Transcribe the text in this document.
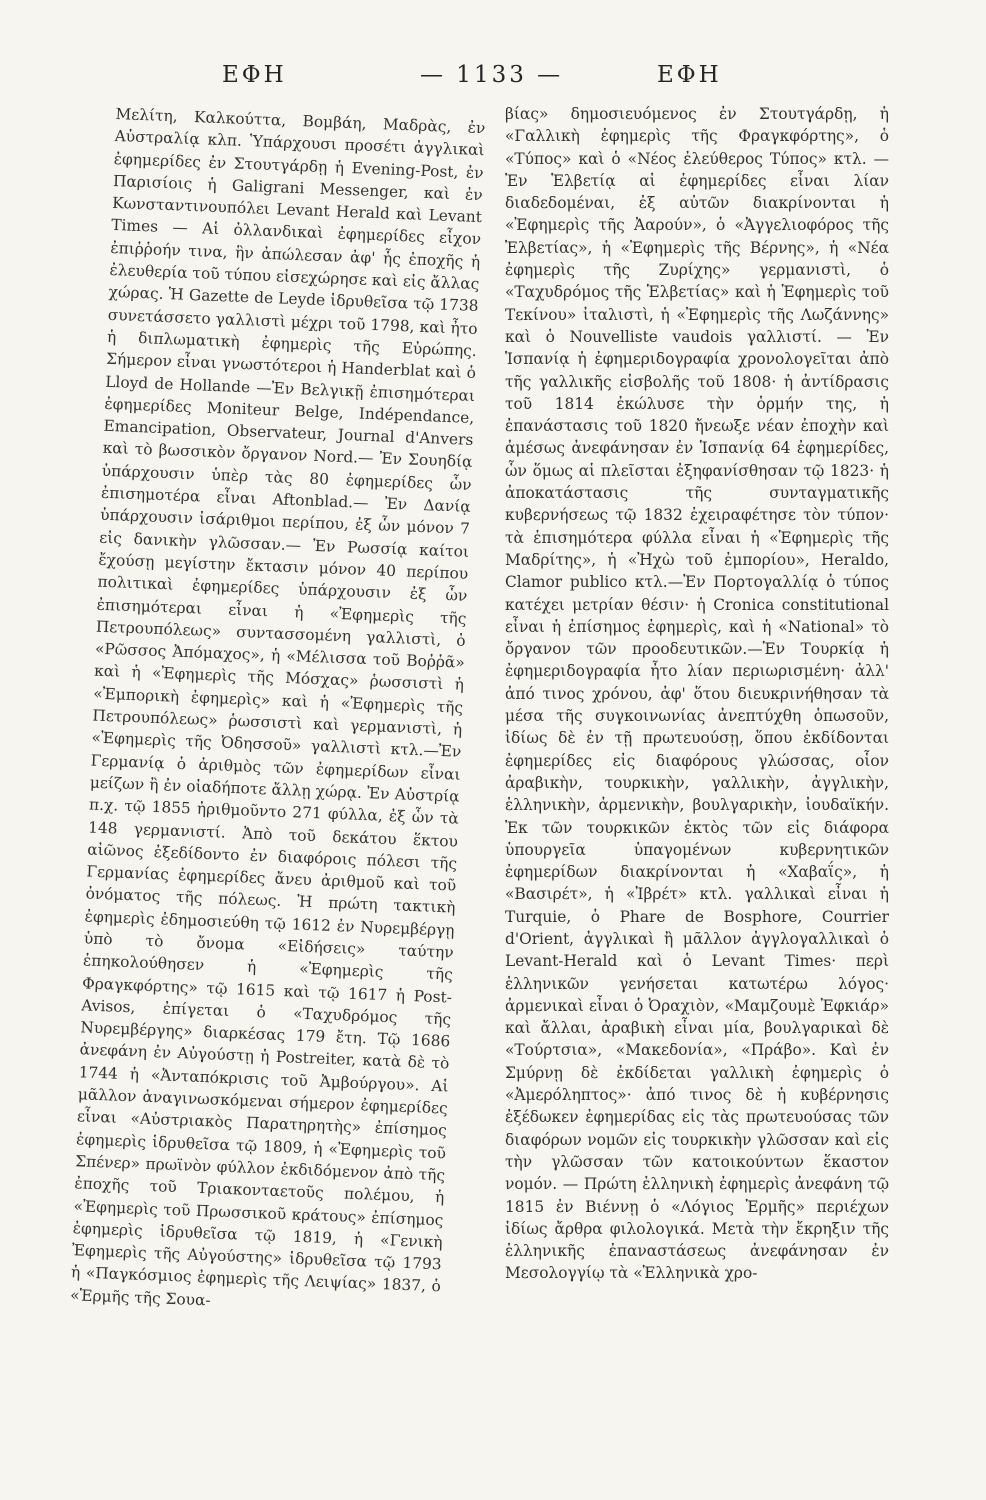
ΕΦΗ	— 1133 —	ΕΦΗ

Μελίτη, Καλκούττα, Βομβάη, Μαδρὰς, ἐν Αὐστραλίᾳ κλπ. Ὑπάρχουσι προσέτι ἀγγλικαὶ ἐφημερίδες ἐν Στουτγάρδῃ ἡ Evening-Post, ἐν Παρισίοις ἡ Galigrani Messenger, καὶ ἐν Κωνσταντινουπόλει Levant Herald καὶ Levant Times — Αἱ ὀλλανδικαὶ ἐφημερίδες εἶχον ἐπιῤῥοήν τινα, ἣν ἀπώλεσαν ἀφ' ἧς ἐποχῆς ἡ ἐλευθερία τοῦ τύπου εἰσεχώρησε καὶ εἰς ἄλλας χώρας. Ἡ Gazette de Leyde ἱδρυθεῖσα τῷ 1738 συνετάσσετο γαλλιστὶ μέχρι τοῦ 1798, καὶ ἦτο ἡ διπλωματικὴ ἐφημερὶς τῆς Εὐρώπης. Σήμερον εἶναι γνωστότεροι ἡ Handerblat καὶ ὁ Lloyd de Hollande —Ἐν Βελγικῇ ἐπισημότεραι ἐφημερίδες Moniteur Belge, Indépendance, Emancipation, Observateur, Journal d'Anvers καὶ τὸ βωσσικὸν ὄργανον Nord.— Ἐν Σουηδίᾳ ὑπάρχουσιν ὑπὲρ τὰς 80 ἐφημερίδες ὧν ἐπισημοτέρα εἶναι Aftonblad.— Ἐν Δανίᾳ ὑπάρχουσιν ἰσάριθμοι περίπου, ἐξ ὧν μόνον 7 εἰς δανικὴν γλῶσσαν.— Ἐν Ρωσσίᾳ καίτοι ἔχούσῃ μεγίστην ἔκτασιν μόνον 40 περίπου πολιτικαὶ ἐφημερίδες ὑπάρχουσιν ἐξ ὧν ἐπισημότεραι εἶναι ἡ «Ἐφημερὶς τῆς Πετρουπόλεως» συντασσομένη γαλλιστὶ, ὁ «Ρῶσσος Ἀπόμαχος», ἡ «Μέλισσα τοῦ Βοῤῥᾶ» καὶ ἡ «Ἐφημερὶς τῆς Μόσχας» ῥωσσιστὶ ἡ «Ἐμπορικὴ ἐφημερὶς» καὶ ἡ «Ἐφημερὶς τῆς Πετρουπόλεως» ῥωσσιστὶ καὶ γερμανιστὶ, ἡ «Ἐφημερὶς τῆς Ὀδησσοῦ» γαλλιστὶ κτλ.—Ἐν Γερμανίᾳ ὁ ἀριθμὸς τῶν ἐφημερίδων εἶναι μείζων ἢ ἐν οἱαδήποτε ἄλλῃ χώρᾳ. Ἐν Αὐστρίᾳ π.χ. τῷ 1855 ἠριθμοῦντο 271 φύλλα, ἐξ ὧν τὰ 148 γερμανιστί. Ἀπὸ τοῦ δεκάτου ἕκτου αἰῶνος ἐξεδίδοντο ἐν διαφόροις πόλεσι τῆς Γερμανίας ἐφημερίδες ἄνευ ἀριθμοῦ καὶ τοῦ ὀνόματος τῆς πόλεως. Ἡ πρώτη τακτικὴ ἐφημερὶς ἐδημοσιεύθη τῷ 1612 ἐν Νυρεμβέργῃ ὑπὸ τὸ ὄνομα «Εἰδήσεις» ταύτην ἐπηκολούθησεν ἡ «Ἐφημερὶς τῆς Φραγκφόρτης» τῷ 1615 καὶ τῷ 1617 ἡ Post-Avisos, ἐπίγεται ὁ «Ταχυδρόμος τῆς Νυρεμβέργης» διαρκέσας 179 ἔτη. Τῷ 1686 ἀνεφάνη ἐν Αὐγούστῃ ἡ Postreiter, κατὰ δὲ τὸ 1744 ἡ «Ἀνταπόκρισις τοῦ Ἀμβούργου». Αἱ μᾶλλον ἀναγινωσκόμεναι σήμερον ἐφημερίδες εἶναι «Αὐστριακὸς Παρατηρητὴς» ἐπίσημος ἐφημερὶς ἱδρυθεῖσα τῷ 1809, ἡ «Ἐφημερὶς τοῦ Σπένερ» πρωϊνὸν φύλλον ἐκδιδόμενον ἀπὸ τῆς ἐποχῆς τοῦ Τριακονταετοῦς πολέμου, ἡ «Ἐφημερὶς τοῦ Πρωσσικοῦ κράτους» ἐπίσημος ἐφημερὶς ἱδρυθεῖσα τῷ 1819, ἡ «Γενικὴ Ἐφημερὶς τῆς Αὐγούστης» ἱδρυθεῖσα τῷ 1793 ἡ «Παγκόσμιος ἐφημερὶς τῆς Λειψίας» 1837, ὁ «Ἑρμῆς τῆς Σουα-

βίας» δημοσιευόμενος ἐν Στουτγάρδῃ, ἡ «Γαλλικὴ ἐφημερὶς τῆς Φραγκφόρτης», ὁ «Τύπος» καὶ ὁ «Νέος ἐλεύθερος Τύπος» κτλ. — Ἐν Ἑλβετίᾳ αἱ ἐφημερίδες εἶναι λίαν διαδεδομέναι, ἐξ αὐτῶν διακρίνονται ἡ «Ἐφημερὶς τῆς Ἀαρούν», ὁ «Ἀγγελιοφόρος τῆς Ἑλβετίας», ἡ «Ἐφημερὶς τῆς Βέρνης», ἡ «Νέα ἐφημερὶς τῆς Ζυρίχης» γερμανιστὶ, ὁ «Ταχυδρόμος τῆς Ἑλβετίας» καὶ ἡ Ἐφημερὶς τοῦ Τεκίνου» ἰταλιστὶ, ἡ «Ἐφημερὶς τῆς Λωζάννης» καὶ ὁ Nouvelliste vaudois γαλλιστί. — Ἐν Ἱσπανίᾳ ἡ ἐφημεριδογραφία χρονολογεῖται ἀπὸ τῆς γαλλικῆς εἰσβολῆς τοῦ 1808· ἡ ἀντίδρασις τοῦ 1814 ἐκώλυσε τὴν ὁρμήν της, ἡ ἐπανάστασις τοῦ 1820 ἤνεωξε νέαν ἐποχὴν καὶ ἀμέσως ἀνεφάνησαν ἐν Ἱσπανίᾳ 64 ἐφημερίδες, ὧν ὅμως αἱ πλεῖσται ἐξηφανίσθησαν τῷ 1823· ἡ ἀποκατάστασις τῆς συνταγματικῆς κυβερνήσεως τῷ 1832 ἐχειραφέτησε τὸν τύπον· τὰ ἐπισημότερα φύλλα εἶναι ἡ «Ἐφημερὶς τῆς Μαδρίτης», ἡ «Ἠχὼ τοῦ ἐμπορίου», Heraldo, Clamor publico κτλ.—Ἐν Πορτογαλλίᾳ ὁ τύπος κατέχει μετρίαν θέσιν· ἡ Cronica constitutional εἶναι ἡ ἐπίσημος ἐφημερὶς, καὶ ἡ «National» τὸ ὄργανον τῶν προοδευτικῶν.—Ἐν Τουρκίᾳ ἡ ἐφημεριδογραφία ἦτο λίαν περιωρισμένη· ἀλλ' ἀπό τινος χρόνου, ἀφ' ὅτου διευκρινήθησαν τὰ μέσα τῆς συγκοινωνίας ἀνεπτύχθη ὁπωσοῦν, ἰδίως δὲ ἐν τῇ πρωτευούσῃ, ὅπου ἐκδίδονται ἐφημερίδες εἰς διαφόρους γλώσσας, οἷον ἀραβικὴν, τουρκικὴν, γαλλικὴν, ἀγγλικὴν, ἑλληνικὴν, ἀρμενικὴν, βουλγαρικὴν, ἰουδαϊκήν. Ἐκ τῶν τουρκικῶν ἐκτὸς τῶν εἰς διάφορα ὑπουργεῖα ὑπαγομένων κυβερνητικῶν ἐφημερίδων διακρίνονται ἡ «Χαβαΐς», ἡ «Βασιρέτ», ἡ «Ἰβρέτ» κτλ. γαλλικαὶ εἶναι ἡ Turquie, ὁ Phare de Bosphore, Courrier d'Orient, ἀγγλικαὶ ἢ μᾶλλον ἀγγλογαλλικαὶ ὁ Levant-Herald καὶ ὁ Levant Times· περὶ ἑλληνικῶν γενήσεται κατωτέρω λόγος· ἀρμενικαὶ εἶναι ὁ Ὀραχιὸν, «Μαμζουμὲ Ἐφκιάρ» καὶ ἄλλαι, ἀραβικὴ εἶναι μία, βουλγαρικαὶ δὲ «Τούρτσια», «Μακεδονία», «Πράβο». Καὶ ἐν Σμύρνῃ δὲ ἐκδίδεται γαλλικὴ ἐφημερὶς ὁ «Ἀμερόληπτος»· ἀπό τινος δὲ ἡ κυβέρνησις ἐξέδωκεν ἐφημερίδας εἰς τὰς πρωτευούσας τῶν διαφόρων νομῶν εἰς τουρκικὴν γλῶσσαν καὶ εἰς τὴν γλῶσσαν τῶν κατοικούντων ἕκαστον νομόν. — Πρώτη ἑλληνικὴ ἐφημερὶς ἀνεφάνη τῷ 1815 ἐν Βιέννῃ ὁ «Λόγιος Ἑρμῆς» περιέχων ἰδίως ἄρθρα φιλολογικά. Μετὰ τὴν ἔκρηξιν τῆς ἑλληνικῆς ἐπαναστάσεως ἀνεφάνησαν ἐν Μεσολογγίῳ τὰ «Ἑλληνικὰ χρο-
